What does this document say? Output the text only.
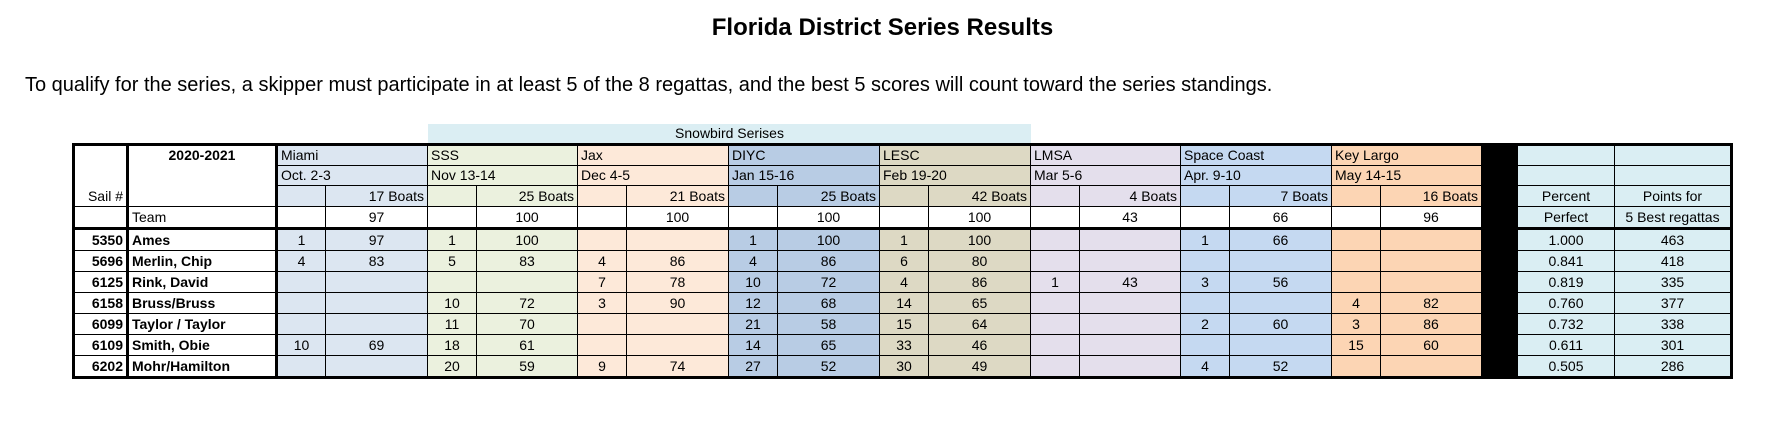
Florida District Series Results
To qualify for the series, a skipper must participate in at least 5 of the 8 regattas, and the best 5 scores will count toward the series standings.
Snowbird Serises
	2020-2021	Miami		SSS		Jax		DIYC		LESC		LMSA		Space Coast		Key Largo				
		Oct. 2-3		Nov 13-14		Dec 4-5		Jan 15-16		Feb 19-20		Mar 5-6		Apr. 9-10		May 14-15				
Sail #			17 Boats		25 Boats		21 Boats		25 Boats		42 Boats		4 Boats		7 Boats		16 Boats		Percent	Points for
	Team		97		100		100		100		100		43		66		96		Perfect	5 Best regattas
5350	Ames	1	97	1	100			1	100	1	100			1	66				1.000	463
5696	Merlin, Chip	4	83	5	83	4	86	4	86	6	80								0.841	418
6125	Rink, David					7	78	10	72	4	86	1	43	3	56				0.819	335
6158	Bruss/Bruss			10	72	3	90	12	68	14	65					4	82		0.760	377
6099	Taylor / Taylor			11	70			21	58	15	64			2	60	3	86		0.732	338
6109	Smith, Obie	10	69	18	61			14	65	33	46					15	60		0.611	301
6202	Mohr/Hamilton			20	59	9	74	27	52	30	49			4	52				0.505	286
